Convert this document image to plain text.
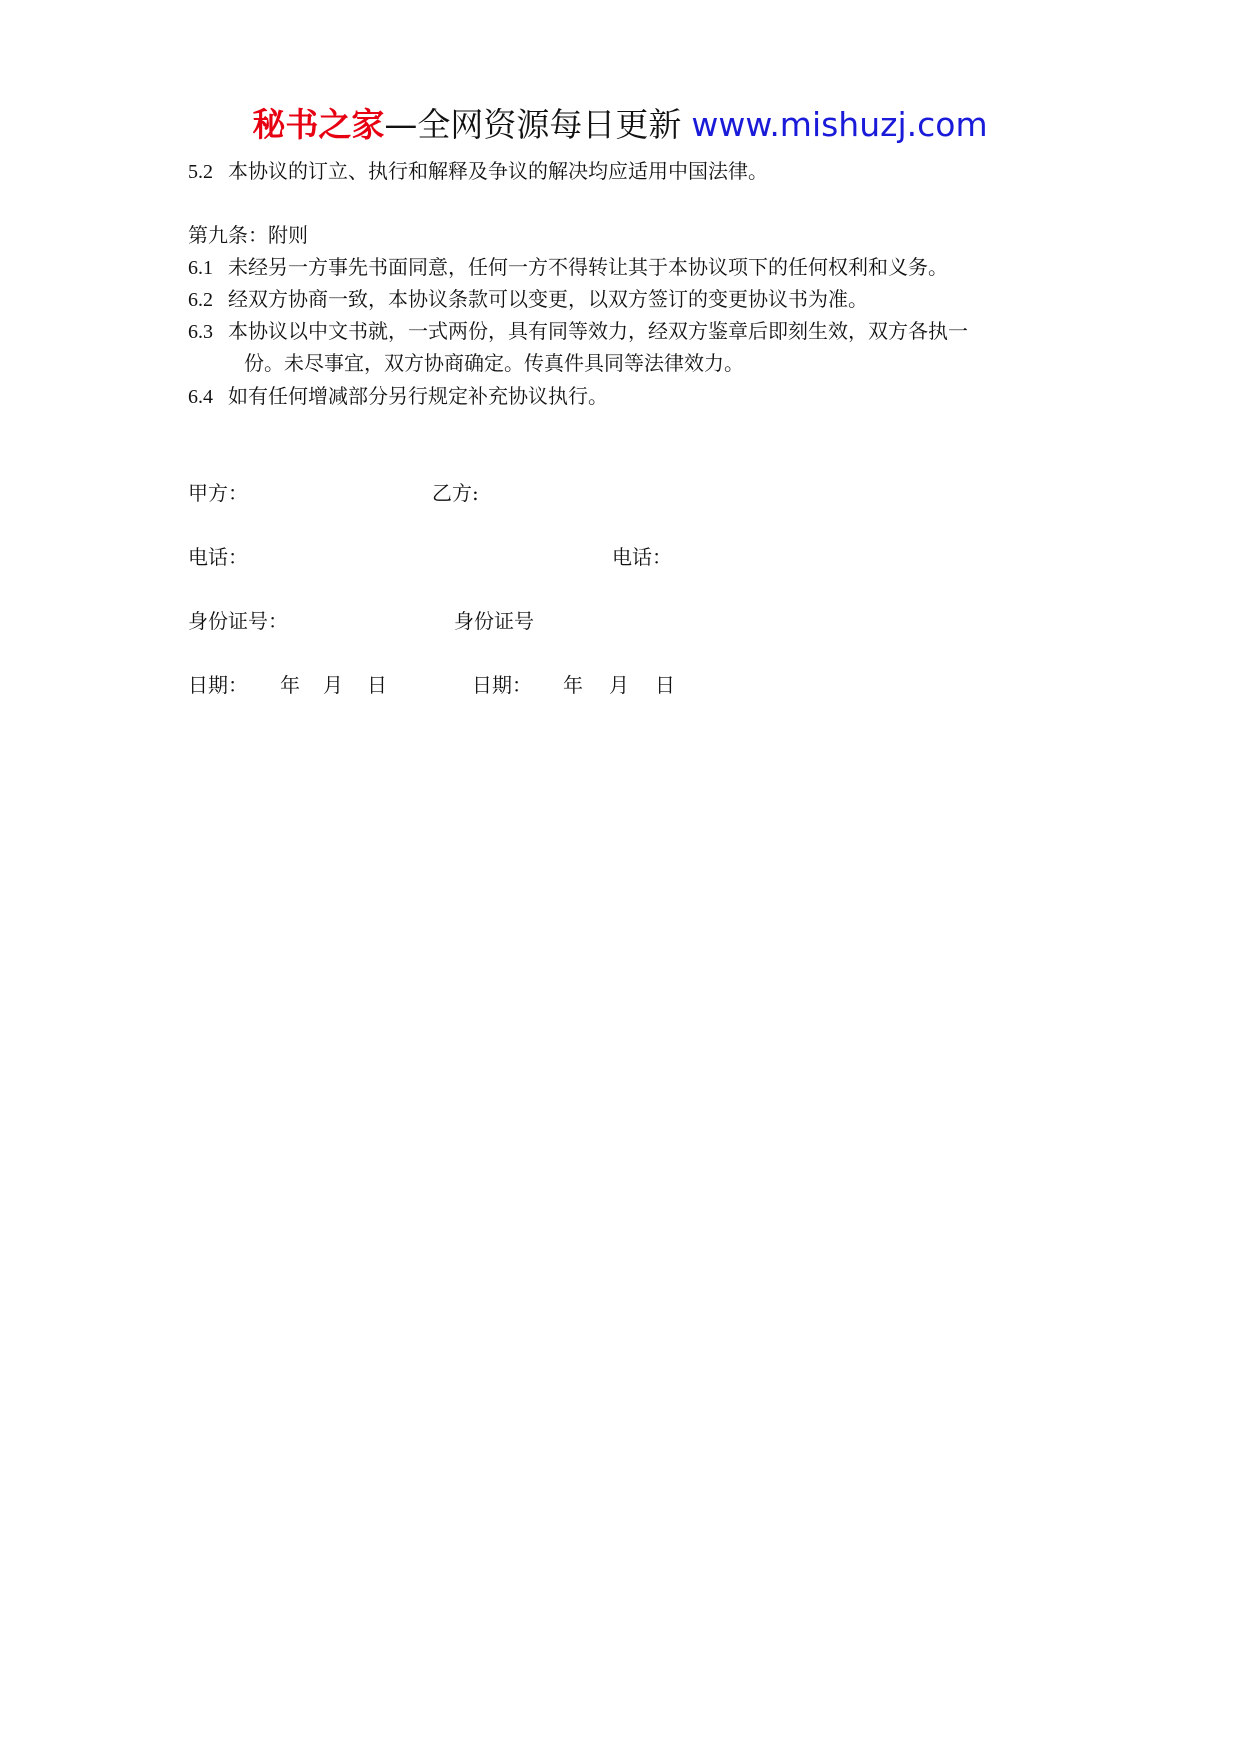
秘书之家—全网资源每日更新 www.mishuzj.com
5.2 本协议的订立、执行和解释及争议的解决均应适用中国法律。
第九条：附则
6.1 未经另一方事先书面同意，任何一方不得转让其于本协议项下的任何权利和义务。
6.2 经双方协商一致，本协议条款可以变更，以双方签订的变更协议书为准。
6.3 本协议以中文书就，一式两份，具有同等效力，经双方鉴章后即刻生效，双方各执一
份。未尽事宜，双方协商确定。传真件具同等法律效力。
6.4 如有任何增减部分另行规定补充协议执行。
甲方：	乙方:
电话：	电话：
身份证号：	身份证号
日期： 年 月 日	日期： 年 月 日
